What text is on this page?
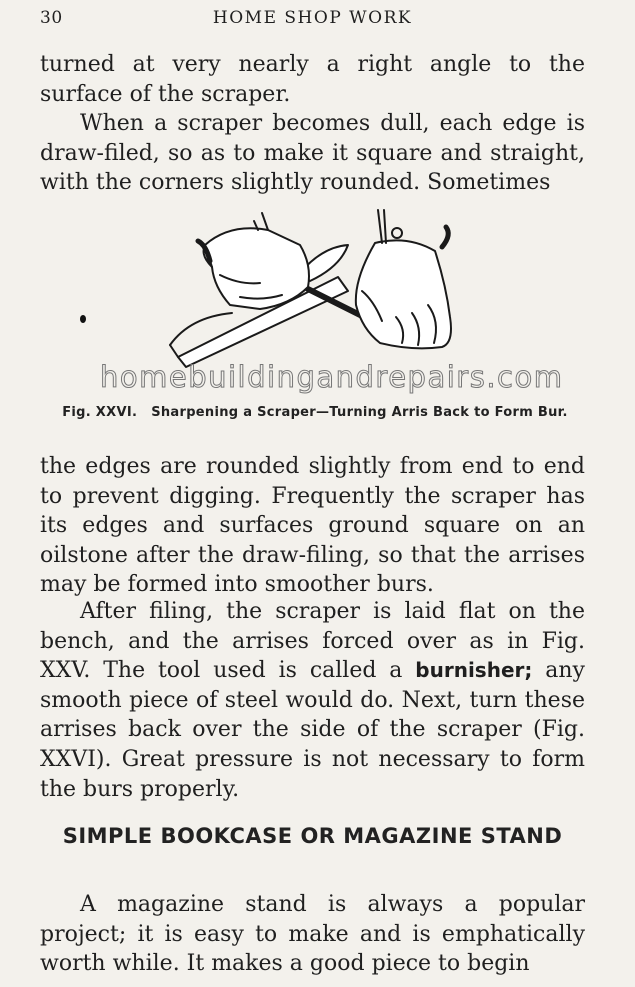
30	HOME SHOP WORK

turned at very nearly a right angle to the surface of the scraper.

When a scraper becomes dull, each edge is draw-filed, so as to make it square and straight, with the corners slightly rounded. Sometimes

homebuildingandrepairs.com
Fig. XXVI. Sharpening a Scraper—Turning Arris Back to Form Bur.

the edges are rounded slightly from end to end to prevent digging. Frequently the scraper has its edges and surfaces ground square on an oilstone after the draw-filing, so that the arrises may be formed into smoother burs.

After filing, the scraper is laid flat on the bench, and the arrises forced over as in Fig. XXV. The tool used is called a burnisher; any smooth piece of steel would do. Next, turn these arrises back over the side of the scraper (Fig. XXVI). Great pressure is not necessary to form the burs properly.

SIMPLE BOOKCASE OR MAGAZINE STAND

A magazine stand is always a popular project; it is easy to make and is emphatically worth while. It makes a good piece to begin
